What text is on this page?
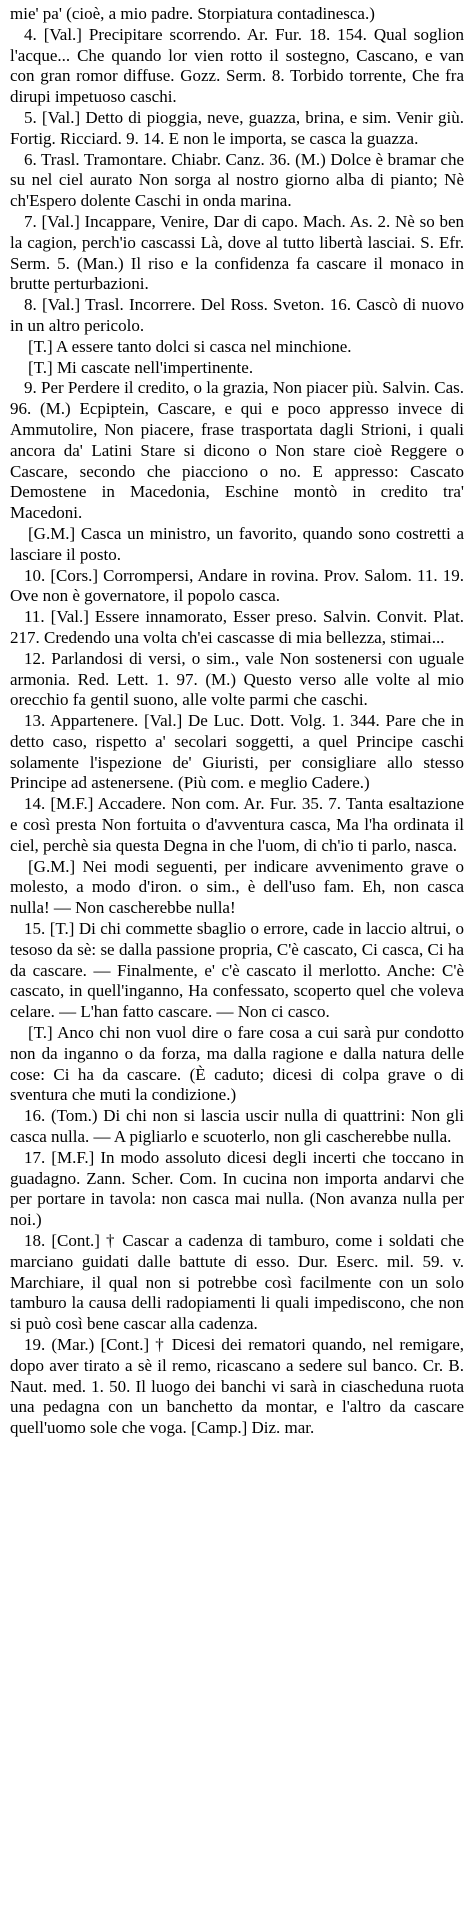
mie' pa' (cioè, a mio padre. Storpiatura contadinesca.)

4. [Val.] Precipitare scorrendo. Ar. Fur. 18. 154. Qual soglion l'acque... Che quando lor vien rotto il sostegno, Cascano, e van con gran romor diffuse. Gozz. Serm. 8. Torbido torrente, Che fra dirupi impetuoso caschi.

5. [Val.] Detto di pioggia, neve, guazza, brina, e sim. Venir giù. Fortig. Ricciard. 9. 14. E non le importa, se casca la guazza.

6. Trasl. Tramontare. Chiabr. Canz. 36. (M.) Dolce è bramar che su nel ciel aurato Non sorga al nostro giorno alba di pianto; Nè ch'Espero dolente Caschi in onda marina.

7. [Val.] Incappare, Venire, Dar di capo. Mach. As. 2. Nè so ben la cagion, perch'io cascassi Là, dove al tutto libertà lasciai. S. Efr. Serm. 5. (Man.) Il riso e la confidenza fa cascare il monaco in brutte perturbazioni.

8. [Val.] Trasl. Incorrere. Del Ross. Sveton. 16. Cascò di nuovo in un altro pericolo.

[T.] A essere tanto dolci si casca nel minchione.

[T.] Mi cascate nell'impertinente.

9. Per Perdere il credito, o la grazia, Non piacer più. Salvin. Cas. 96. (M.) Ecpiptein, Cascare, e qui e poco appresso invece di Ammutolire, Non piacere, frase trasportata dagli Strioni, i quali ancora da' Latini Stare si dicono o Non stare cioè Reggere o Cascare, secondo che piacciono o no. E appresso: Cascato Demostene in Macedonia, Eschine montò in credito tra' Macedoni.

[G.M.] Casca un ministro, un favorito, quando sono costretti a lasciare il posto.

10. [Cors.] Corrompersi, Andare in rovina. Prov. Salom. 11. 19. Ove non è governatore, il popolo casca.

11. [Val.] Essere innamorato, Esser preso. Salvin. Convit. Plat. 217. Credendo una volta ch'ei cascasse di mia bellezza, stimai...

12. Parlandosi di versi, o sim., vale Non sostenersi con uguale armonia. Red. Lett. 1. 97. (M.) Questo verso alle volte al mio orecchio fa gentil suono, alle volte parmi che caschi.

13. Appartenere. [Val.] De Luc. Dott. Volg. 1. 344. Pare che in detto caso, rispetto a' secolari soggetti, a quel Principe caschi solamente l'ispezione de' Giuristi, per consigliare allo stesso Principe ad astenersene. (Più com. e meglio Cadere.)

14. [M.F.] Accadere. Non com. Ar. Fur. 35. 7. Tanta esaltazione e così presta Non fortuita o d'avventura casca, Ma l'ha ordinata il ciel, perchè sia questa Degna in che l'uom, di ch'io ti parlo, nasca.

[G.M.] Nei modi seguenti, per indicare avvenimento grave o molesto, a modo d'iron. o sim., è dell'uso fam. Eh, non casca nulla! — Non cascherebbe nulla!

15. [T.] Di chi commette sbaglio o errore, cade in laccio altrui, o tesoso da sè: se dalla passione propria, C'è cascato, Ci casca, Ci ha da cascare. — Finalmente, e' c'è cascato il merlotto. Anche: C'è cascato, in quell'inganno, Ha confessato, scoperto quel che voleva celare. — L'han fatto cascare. — Non ci casco.

[T.] Anco chi non vuol dire o fare cosa a cui sarà pur condotto non da inganno o da forza, ma dalla ragione e dalla natura delle cose: Ci ha da cascare. (È caduto; dicesi di colpa grave o di sventura che muti la condizione.)

16. (Tom.) Di chi non si lascia uscir nulla di quattrini: Non gli casca nulla. — A pigliarlo e scuoterlo, non gli cascherebbe nulla.

17. [M.F.] In modo assoluto dicesi degli incerti che toccano in guadagno. Zann. Scher. Com. In cucina non importa andarvi che per portare in tavola: non casca mai nulla. (Non avanza nulla per noi.)

18. [Cont.] † Cascar a cadenza di tamburo, come i soldati che marciano guidati dalle battute di esso. Dur. Eserc. mil. 59. v. Marchiare, il qual non si potrebbe così facilmente con un solo tamburo la causa delli radopiamenti li quali impediscono, che non si può così bene cascar alla cadenza.

19. (Mar.) [Cont.] † Dicesi dei rematori quando, nel remigare, dopo aver tirato a sè il remo, ricascano a sedere sul banco. Cr. B. Naut. med. 1. 50. Il luogo dei banchi vi sarà in ciascheduna ruota una pedagna con un banchetto da montar, e l'altro da cascare quell'uomo sole che voga. [Camp.] Diz. mar.
